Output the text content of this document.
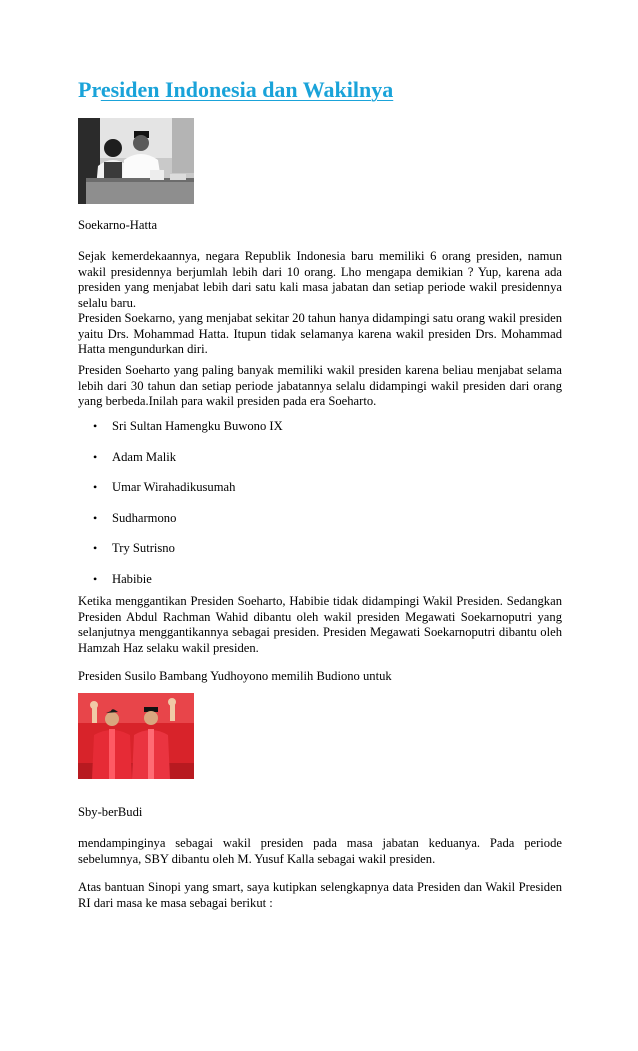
Presiden Indonesia dan Wakilnya

Soekarno-Hatta

Sejak kemerdekaannya, negara Republik Indonesia baru memiliki 6 orang presiden, namun wakil presidennya berjumlah lebih dari 10 orang. Lho mengapa demikian ? Yup, karena ada presiden yang menjabat lebih dari satu kali masa jabatan dan setiap periode wakil presidennya selalu baru.

Presiden Soekarno, yang menjabat sekitar 20 tahun hanya didampingi satu orang wakil presiden yaitu Drs. Mohammad Hatta. Itupun tidak selamanya karena wakil presiden Drs. Mohammad Hatta mengundurkan diri.

Presiden Soeharto yang paling banyak memiliki wakil presiden karena beliau menjabat selama lebih dari 30 tahun dan setiap periode jabatannya selalu didampingi wakil presiden dari orang yang berbeda.Inilah para wakil presiden pada era Soeharto.

• Sri Sultan Hamengku Buwono IX
• Adam Malik
• Umar Wirahadikusumah
• Sudharmono
• Try Sutrisno
• Habibie

Ketika menggantikan Presiden Soeharto, Habibie tidak didampingi Wakil Presiden. Sedangkan Presiden Abdul Rachman Wahid dibantu oleh wakil presiden Megawati Soekarnoputri yang selanjutnya menggantikannya sebagai presiden. Presiden Megawati Soekarnoputri dibantu oleh Hamzah Haz selaku wakil presiden.

Presiden Susilo Bambang Yudhoyono memilih Budiono untuk

Sby-berBudi

mendampinginya sebagai wakil presiden pada masa jabatan keduanya. Pada periode sebelumnya, SBY dibantu oleh M. Yusuf Kalla sebagai wakil presiden.

Atas bantuan Sinopi yang smart, saya kutipkan selengkapnya data Presiden dan Wakil Presiden RI dari masa ke masa sebagai berikut :
